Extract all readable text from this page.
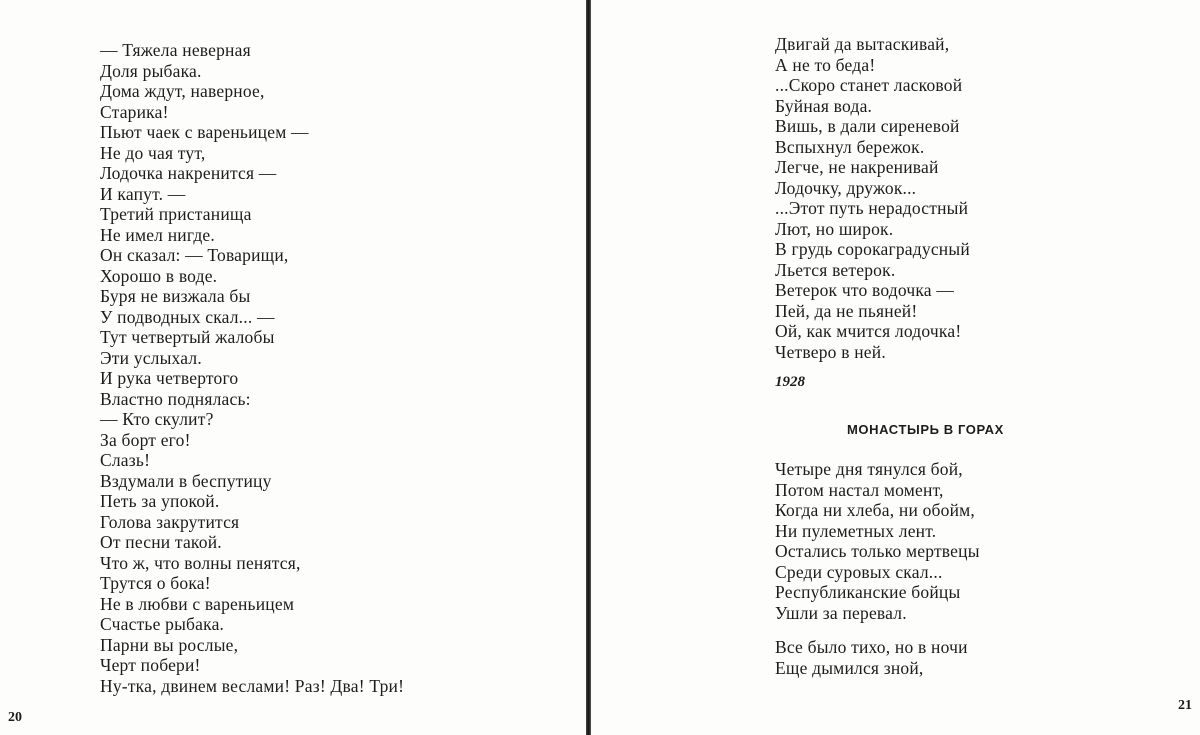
— Тяжела неверная
Доля рыбака.
Дома ждут, наверное,
Старика!
Пьют чаек с вареньицем —
Не до чая тут,
Лодочка накренится —
И капут. —
Третий пристанища
Не имел нигде.
Он сказал: — Товарищи,
Хорошо в воде.
Буря не визжала бы
У подводных скал... —
Тут четвертый жалобы
Эти услыхал.
И рука четвертого
Властно поднялась:
— Кто скулит?
За борт его!
Слазь!
Вздумали в беспутицу
Петь за упокой.
Голова закрутится
От песни такой.
Что ж, что волны пенятся,
Трутся о бока!
Не в любви с вареньицем
Счастье рыбака.
Парни вы рослые,
Черт побери!
Ну-тка, двинем веслами! Раз! Два! Три!
20
Двигай да вытаскивай,
А не то беда!
...Скоро станет ласковой
Буйная вода.
Вишь, в дали сиреневой
Вспыхнул бережок.
Легче, не накренивай
Лодочку, дружок...
...Этот путь нерадостный
Лют, но широк.
В грудь сорокаградусный
Льется ветерок.
Ветерок что водочка —
Пей, да не пьяней!
Ой, как мчится лодочка!
Четверо в ней.
1928
МОНАСТЫРЬ В ГОРАХ
Четыре дня тянулся бой,
Потом настал момент,
Когда ни хлеба, ни обойм,
Ни пулеметных лент.
Остались только мертвецы
Среди суровых скал...
Республиканские бойцы
Ушли за перевал.
Все было тихо, но в ночи
Еще дымился зной,
21
